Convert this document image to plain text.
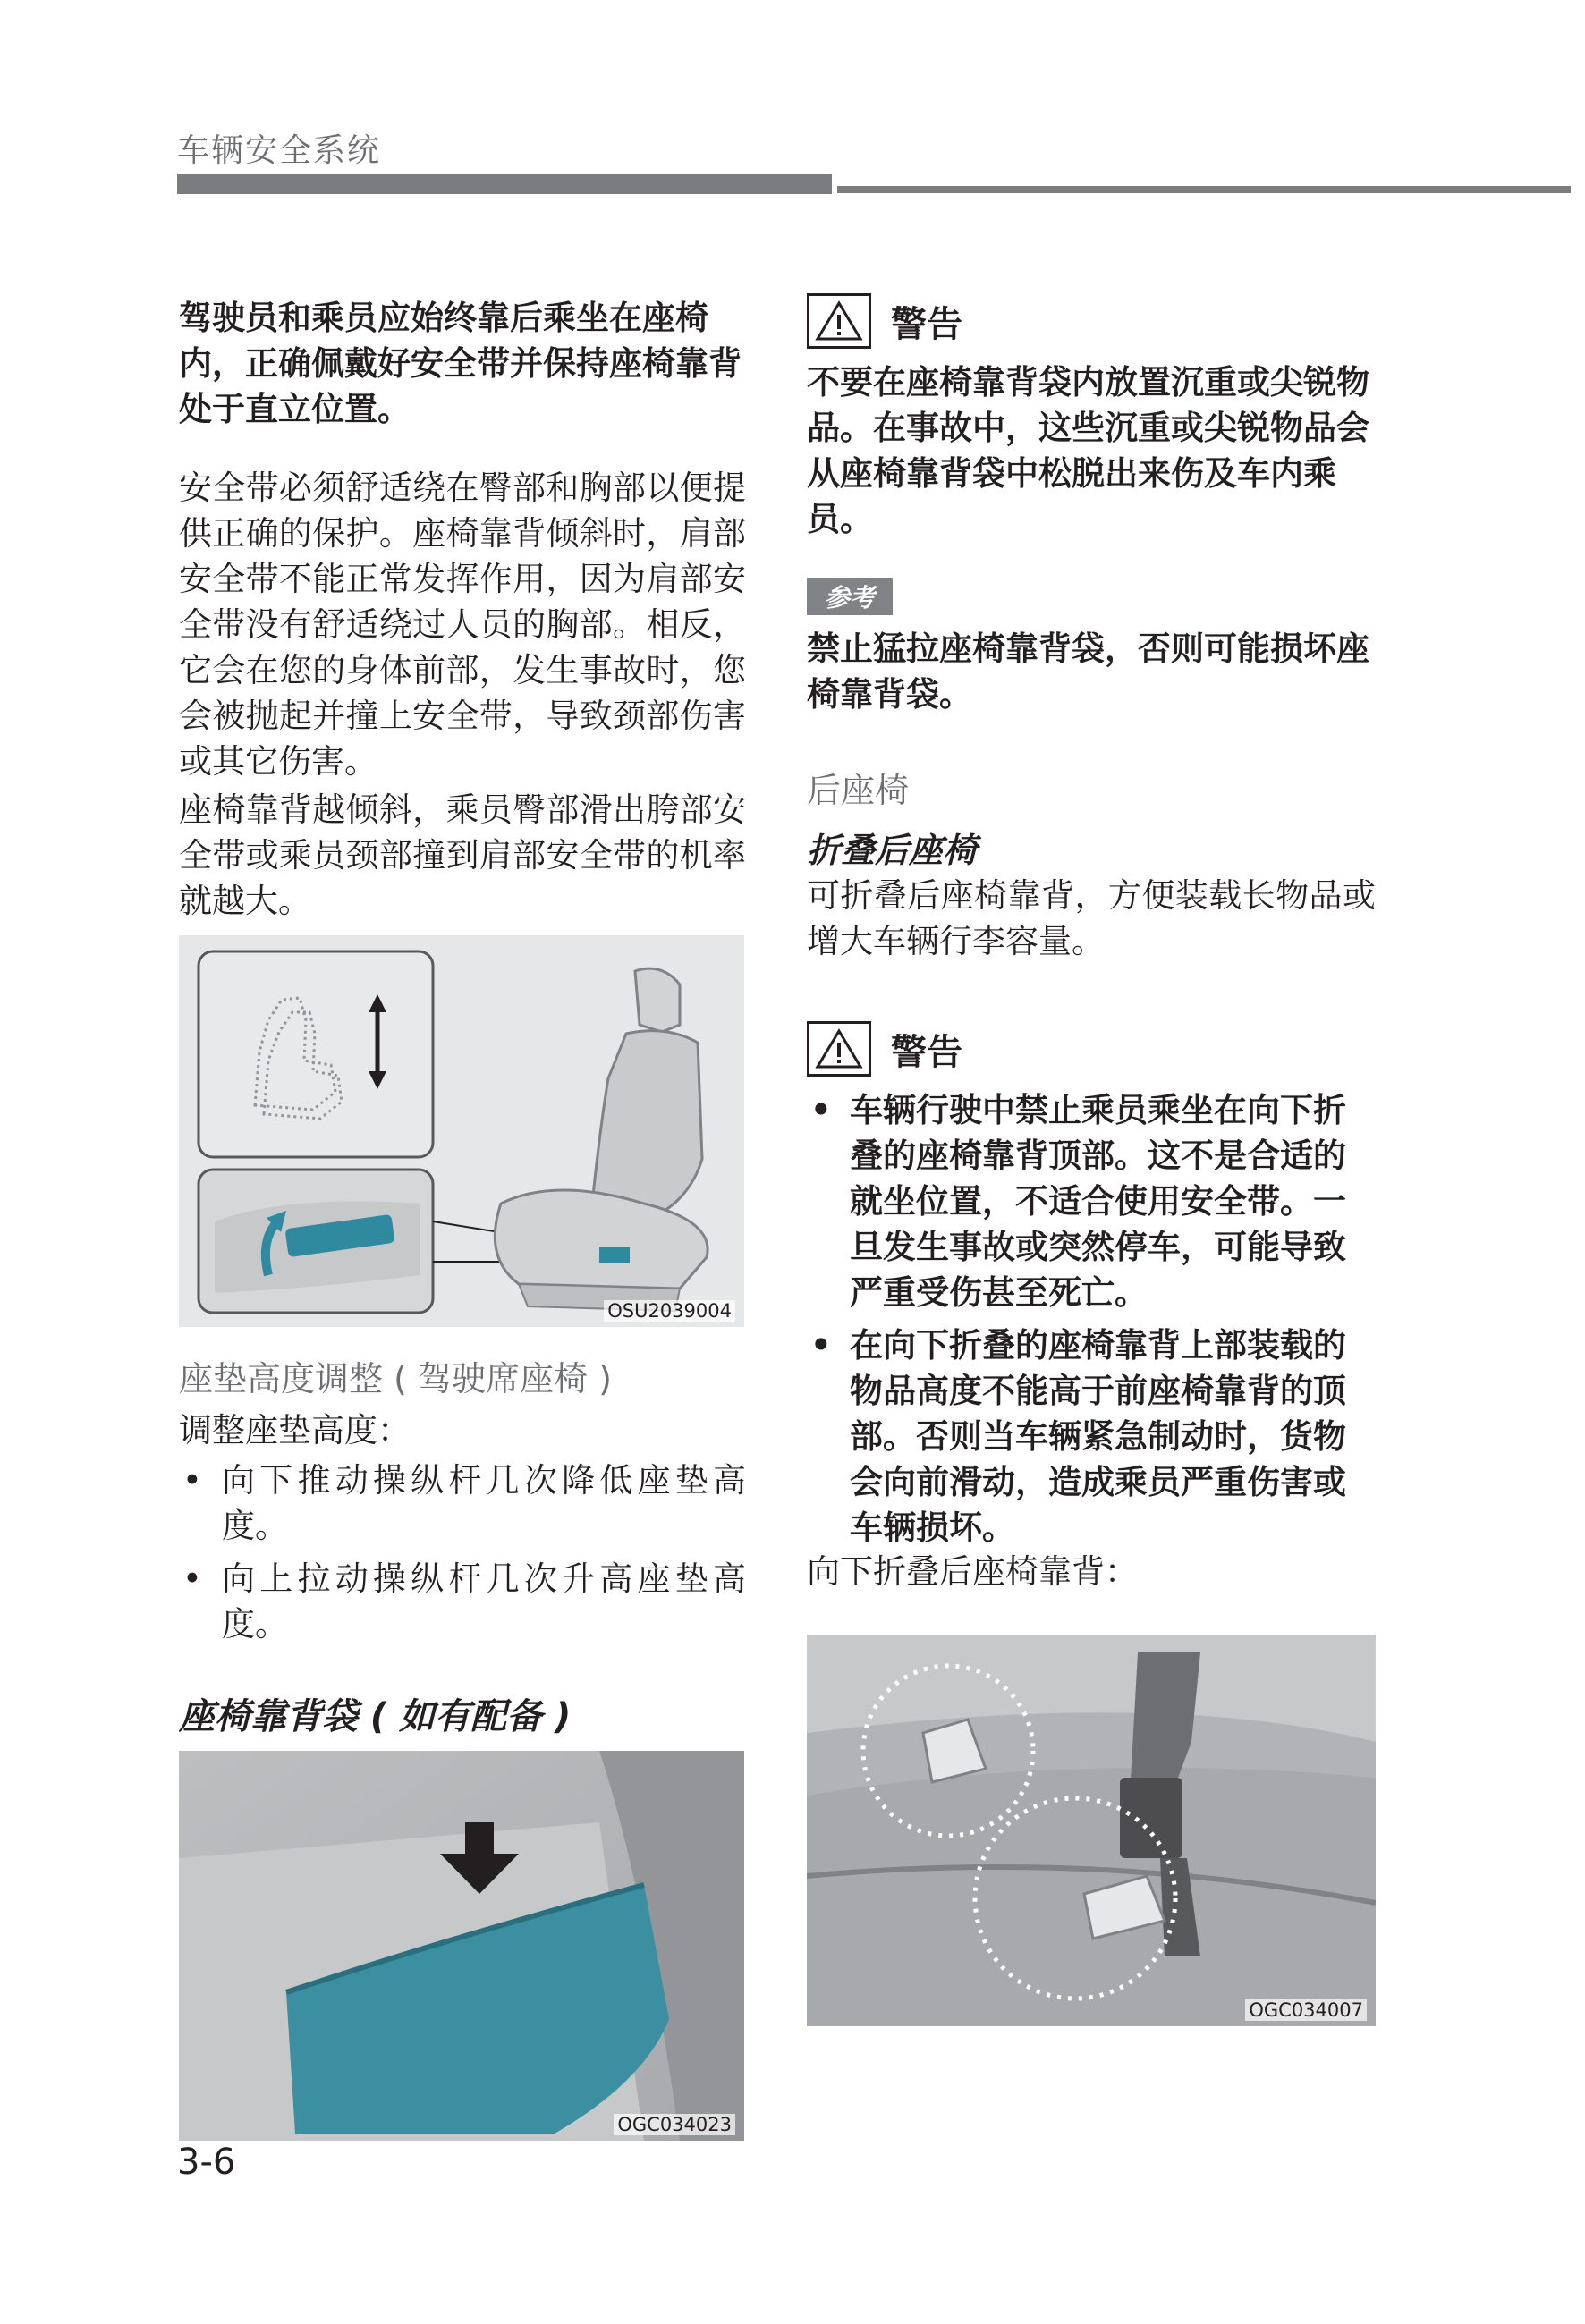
车辆安全系统
驾驶员和乘员应始终靠后乘坐在座椅内，正确佩戴好安全带并保持座椅靠背处于直立位置。
安全带必须舒适绕在臀部和胸部以便提供正确的保护。座椅靠背倾斜时，肩部安全带不能正常发挥作用，因为肩部安全带没有舒适绕过人员的胸部。相反，它会在您的身体前部，发生事故时，您会被抛起并撞上安全带，导致颈部伤害或其它伤害。
座椅靠背越倾斜，乘员臀部滑出胯部安全带或乘员颈部撞到肩部安全带的机率就越大。
OSU2039004
座垫高度调整 ( 驾驶席座椅 )
调整座垫高度：
• 向下推动操纵杆几次降低座垫高度。
• 向上拉动操纵杆几次升高座垫高度。
座椅靠背袋 ( 如有配备 )
OGC034023
警告
不要在座椅靠背袋内放置沉重或尖锐物品。在事故中，这些沉重或尖锐物品会从座椅靠背袋中松脱出来伤及车内乘员。
参考
禁止猛拉座椅靠背袋，否则可能损坏座椅靠背袋。
后座椅
折叠后座椅
可折叠后座椅靠背，方便装载长物品或增大车辆行李容量。
警告
• 车辆行驶中禁止乘员乘坐在向下折叠的座椅靠背顶部。这不是合适的就坐位置，不适合使用安全带。一旦发生事故或突然停车，可能导致严重受伤甚至死亡。
• 在向下折叠的座椅靠背上部装载的物品高度不能高于前座椅靠背的顶部。否则当车辆紧急制动时，货物会向前滑动，造成乘员严重伤害或车辆损坏。
向下折叠后座椅靠背：
OGC034007
3-6
